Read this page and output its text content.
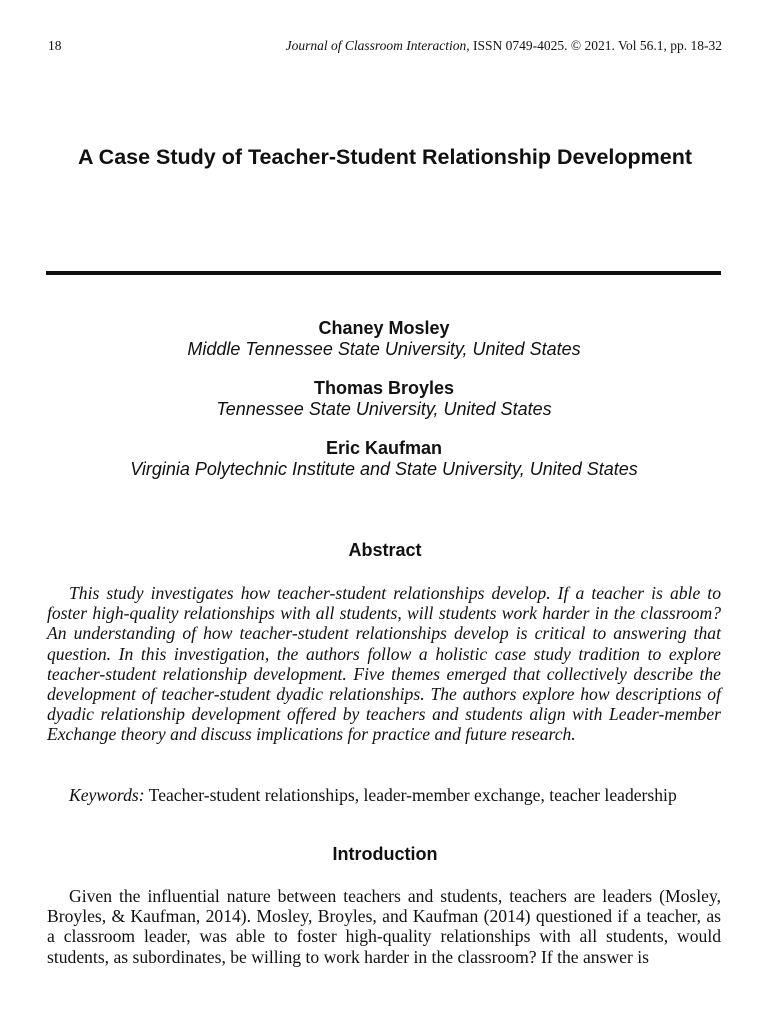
18	Journal of Classroom Interaction, ISSN 0749-4025. © 2021. Vol 56.1, pp. 18-32
A Case Study of Teacher-Student Relationship Development
Chaney Mosley
Middle Tennessee State University, United States
Thomas Broyles
Tennessee State University, United States
Eric Kaufman
Virginia Polytechnic Institute and State University, United States
Abstract

This study investigates how teacher-student relationships develop. If a teacher is able to foster high-quality relationships with all students, will students work harder in the classroom? An understanding of how teacher-student relationships develop is critical to answering that question. In this investigation, the authors follow a holistic case study tradition to explore teacher-student relationship development. Five themes emerged that collectively describe the development of teacher-student dyadic relationships. The authors explore how descriptions of dyadic relationship development offered by teachers and students align with Leader-member Exchange theory and discuss implications for practice and future research.

Keywords: Teacher-student relationships, leader-member exchange, teacher leadership

Introduction

Given the influential nature between teachers and students, teachers are leaders (Mosley, Broyles, & Kaufman, 2014). Mosley, Broyles, and Kaufman (2014) questioned if a teacher, as a classroom leader, was able to foster high-quality relationships with all students, would students, as subordinates, be willing to work harder in the classroom? If the answer is
